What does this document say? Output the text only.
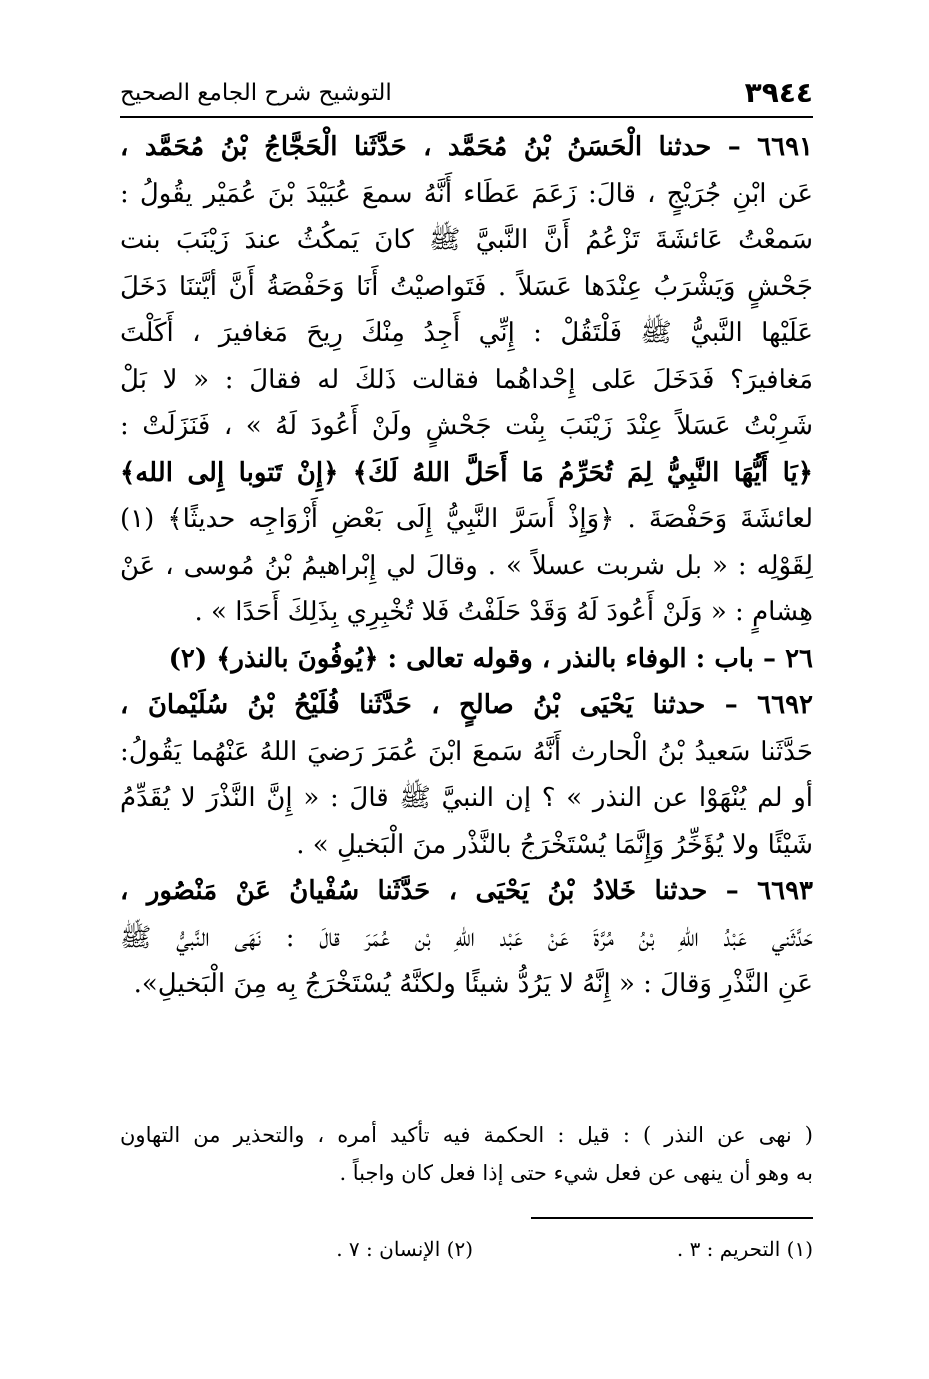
٣٩٤٤
التوشيح شرح الجامع الصحيح
٦٦٩١ – حدثنا الْحَسَنُ بْنُ مُحَمَّد ، حَدَّثَنا الْحَجَّاجُ بْنُ مُحَمَّد ،
عَن ابْنِ جُرَيْجٍ ، قالَ: زَعَمَ عَطَاء أَنَّهُ سمعَ عُبَيْدَ بْنَ عُمَيْر يقُولُ :
سَمعْتُ عَائشَةَ تَزْعُمُ أَنَّ النَّبيَّ ﷺ كانَ يَمكُثُ عندَ زَيْنَبَ بنت
جَحْشٍ وَيَشْرَبُ عِنْدَها عَسَلاً . فَتَواصيْتُ أَنَا وَحَفْصَةُ أَنَّ أيَّتنَا دَخَلَ
عَلَيْها النَّبيُّ ﷺ فَلْتَقُلْ : إِنِّي أَجِدُ مِنْكَ رِيحَ مَغافيرَ ، أَكَلْتَ
مَغافيرَ؟ فَدَخَلَ عَلى إِحْداهُما فقالت ذَلكَ له فقالَ : « لا بَلْ
شَرِبْتُ عَسَلاً عِنْدَ زَيْنَبَ بِنْت جَحْشٍ ولَنْ أَعُودَ لَهُ » ، فَنَزَلَتْ :
﴿يَا أَيُّهَا النَّبِيُّ لِمَ تُحَرِّمُ مَا أَحَلَّ اللهُ لَكَ﴾ ﴿إِنْ تَتوبا إِلى الله﴾
لعائشَةَ وَحَفْصَةَ . ﴿وَإِذْ أَسَرَّ النَّبِيُّ إِلَى بَعْضِ أَزْوَاجِه حديثًا﴾ (١)
لِقَوْلِه : « بل شربت عسلاً » . وقالَ لي إِبْراهيمُ بْنُ مُوسى ، عَنْ
هِشامٍ : « وَلَنْ أَعُودَ لَهُ وَقَدْ حَلَفْتُ فَلا تُخْبِرِي بِذَلِكَ أَحَدًا » .
٢٦ – باب : الوفاء بالنذر ، وقوله تعالى : ﴿يُوفُونَ بالنذر﴾ (٢)
٦٦٩٢ – حدثنا يَحْيَى بْنُ صالحٍ ، حَدَّثَنا فُلَيْحُ بْنُ سُلَيْمانَ ،
حَدَّثَنا سَعيدُ بْنُ الْحارث أَنَّهُ سَمعَ ابْنَ عُمَرَ رَضيَ اللهُ عَنْهُما يَقُولُ:
أو لم يُنْهَوْا عن النذر » ؟ إن النبيَّ ﷺ قالَ : « إِنَّ النَّذْرَ لا يُقَدِّمُ
شَيْئًا ولا يُؤَخِّرُ وَإِنَّمَا يُسْتَخْرَجُ بالنَّذْر منَ الْبَخيلِ » .
٦٦٩٣ – حدثنا خَلادُ بْنُ يَحْيَى ، حَدَّثَنا سُفْيانُ عَنْ مَنْصُور ،
حَدَّثَني عَبْدُ اللهِ بْنُ مُرَّةَ عَنْ عَبْد اللهِ بْن عُمَرَ قالَ : نَهَى النَّبيُّ ﷺ
عَنِ النَّذْرِ وَقالَ : « إِنَّهُ لا يَرُدُّ شيئًا ولكنَّهُ يُسْتَخْرَجُ بِه مِنَ الْبَخيلِ».
( نهى عن النذر ) : قيل : الحكمة فيه تأكيد أمره ، والتحذير من التهاون
به وهو أن ينهى عن فعل شيء حتى إذا فعل كان واجباً .
(١) التحريم : ٣ .
(٢) الإنسان : ٧ .
